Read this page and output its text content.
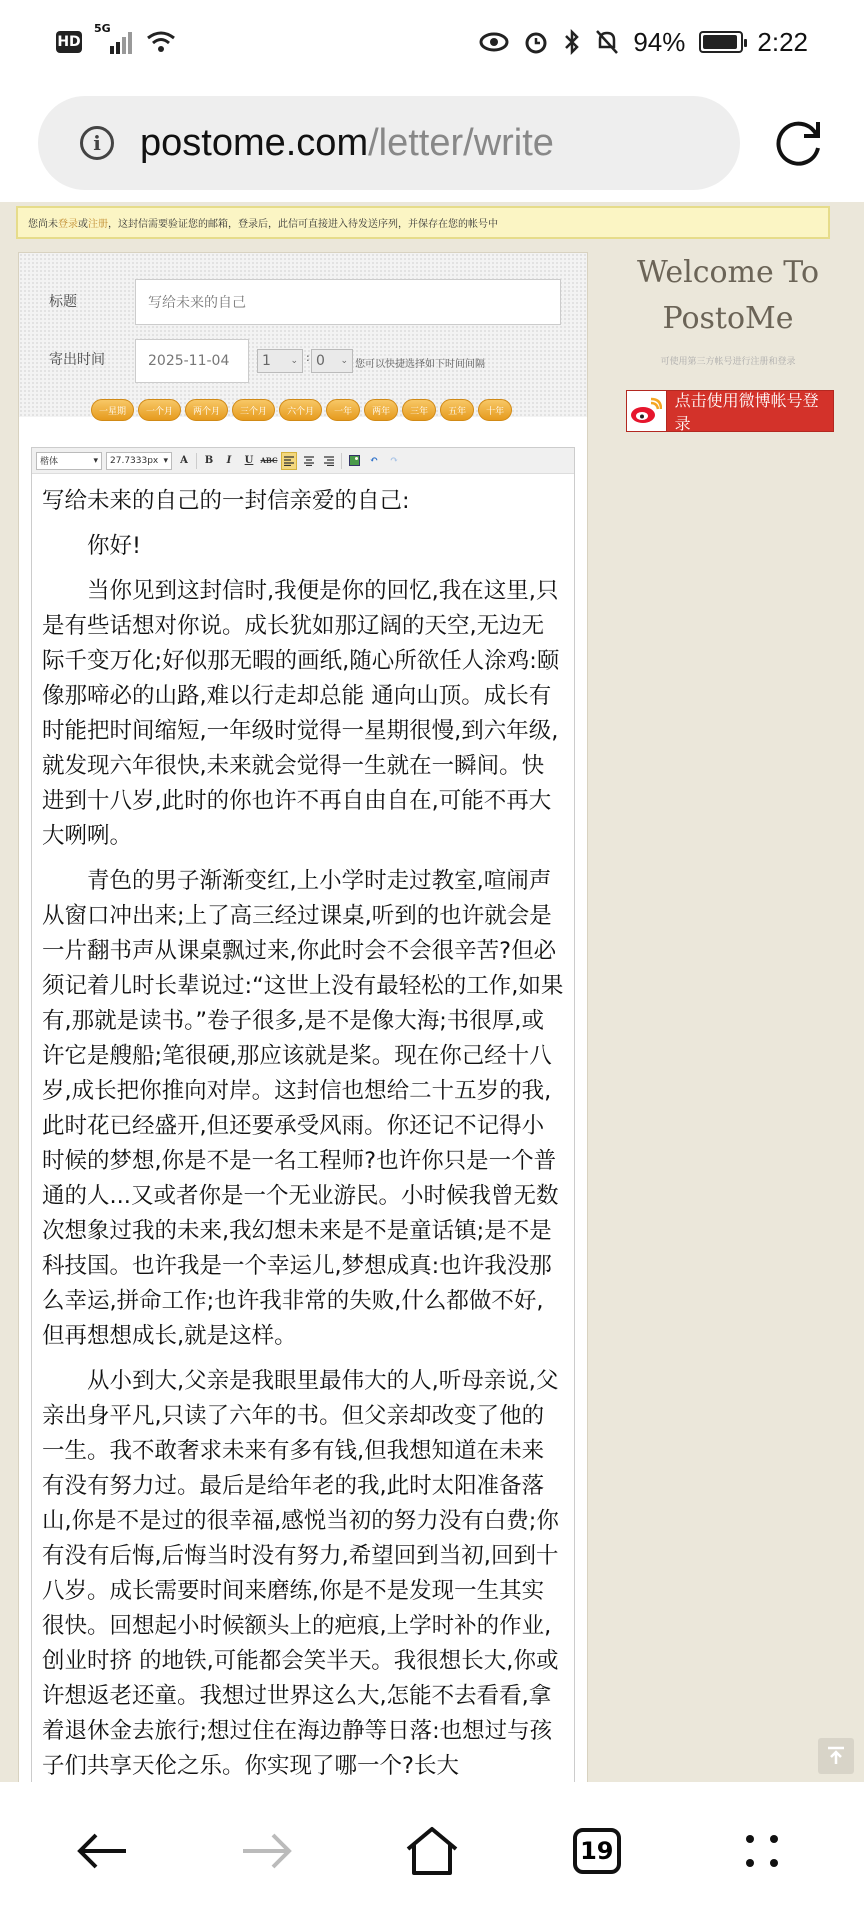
HD
5G	94%	2:22
i	postome.com/letter/write
您尚未 登录 或 注册 ，这封信需要验证您的邮箱，登录后，此信可直接进入待发送序列，并保存在您的帐号中
标题	写给未来的自己
寄出时间	2025-11-04	1 ⌄ : 0 ⌄ 您可以快捷选择如下时间间隔
一星期	一个月	两个月	三个月	六个月	一年	两年	三年	五年	十年
楷体	▾ 27.7333px ▾	A	B	I	U	ABC	↶	↷

写给未来的自己的一封信亲爱的自己:

你好!

当你见到这封信时,我便是你的回忆,我在这里,只是有些话想对你说。成长犹如那辽阔的天空,无边无际千变万化;好似那无暇的画纸,随心所欲任人涂鸡:颐像那啼必的山路,难以行走却总能 通向山顶。成长有 时能把时间缩短,一年级时觉得一星期很慢,到六年级,就发现六年很快,未来就会觉得一生就在一瞬间。快进到十八岁,此时的你也许不再自由自在,可能不再大大咧咧。

青色的男子渐渐变红,上小学时走过教室,喧闹声从窗口冲出来;上了高三经过课桌,听到的也许就会是一片翻书声从课桌飘过来,你此时会不会很辛苦?但必须记着儿时长辈说过:“这世上没有最轻松的工作,如果有,那就是读书。”卷子很多,是不是像大海;书很厚,或许它是艘船;笔很硬,那应该就是桨。现在你己经十八岁,成长把你推向对岸。这封信也想给二十五岁的我,此时花已经盛开,但还要承受风雨。你还记不记得小时候的梦想,你是不是一名工程师?也许你只是一个普通的人...又或者你是一个无业游民。小时候我曾无数次想象过我的未来,我幻想未来是不是童话镇;是不是科技国。也许我是一个幸运儿,梦想成真:也许我没那么幸运,拼命工作;也许我非常的失败,什么都做不好,但再想想成长,就是这样。

从小到大,父亲是我眼里最伟大的人,听母亲说,父亲出身平凡,只读了六年的书。但父亲却改变了他的一生。我不敢奢求未来有多有钱,但我想知道在未来有没有努力过。最后是给年老的我,此时太阳准备落山,你是不是过的很幸福,感悦当初的努力没有白费;你有没有后悔,后悔当时没有努力,希望回到当初,回到十八岁。成长需要时间来磨练,你是不是发现一生其实很快。回想起小时候额头上的疤痕,上学时补的作业,创业时挤 的地铁,可能都会笑半天。我很想长大,你或许想返老还童。我想过世界这么大,怎能不去看看,拿着退休金去旅行;想过住在海边静等日落:也想过与孩子们共享天伦之乐。你实现了哪一个?长大

Welcome To
PostoMe
可使用第三方帐号进行注册和登录
点击使用微博帐号登录
19
